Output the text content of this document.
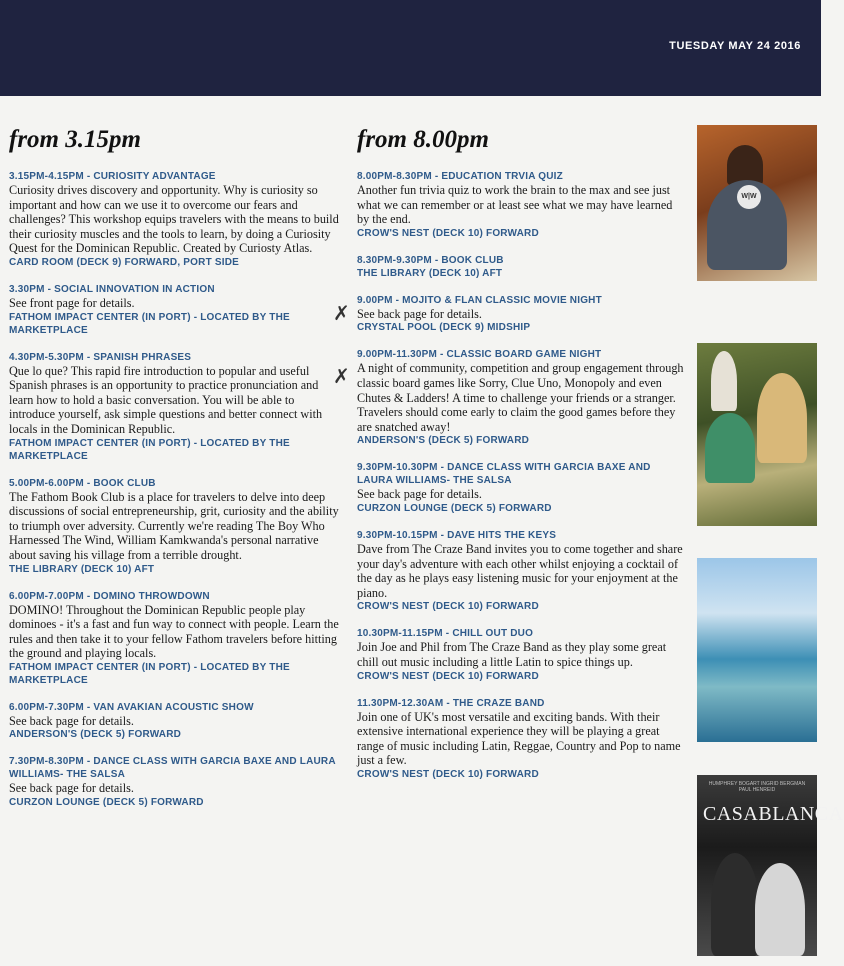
TUESDAY MAY 24 2016
from 3.15pm
3.15PM-4.15PM - CURIOSITY ADVANTAGE
Curiosity drives discovery and opportunity. Why is curiosity so important and how can we use it to overcome our fears and challenges? This workshop equips travelers with the means to build their curiosity muscles and the tools to learn, by doing a Curiosity Quest for the Dominican Republic. Created by Curiosty Atlas.
CARD ROOM (DECK 9) FORWARD, PORT SIDE
3.30PM - SOCIAL INNOVATION IN ACTION
See front page for details.
FATHOM IMPACT CENTER (IN PORT) - LOCATED BY THE MARKETPLACE
4.30PM-5.30PM - SPANISH PHRASES
Que lo que? This rapid fire introduction to popular and useful Spanish phrases is an opportunity to practice pronunciation and learn how to hold a basic conversation. You will be able to introduce yourself, ask simple questions and better connect with locals in the Dominican Republic.
FATHOM IMPACT CENTER (IN PORT) - LOCATED BY THE MARKETPLACE
5.00PM-6.00PM - BOOK CLUB
The Fathom Book Club is a place for travelers to delve into deep discussions of social entrepreneurship, grit, curiosity and the ability to triumph over adversity. Currently we're reading The Boy Who Harnessed The Wind, William Kamkwanda's personal narrative about saving his village from a terrible drought.
THE LIBRARY (DECK 10) AFT
6.00PM-7.00PM - DOMINO THROWDOWN
DOMINO! Throughout the Dominican Republic people play dominoes - it's a fast and fun way to connect with people. Learn the rules and then take it to your fellow Fathom travelers before hitting the ground and playing locals.
FATHOM IMPACT CENTER (IN PORT) - LOCATED BY THE MARKETPLACE
6.00PM-7.30PM - VAN AVAKIAN ACOUSTIC SHOW
See back page for details.
ANDERSON'S (DECK 5) FORWARD
7.30PM-8.30PM - DANCE CLASS WITH GARCIA BAXE AND LAURA WILLIAMS- THE SALSA
See back page for details.
CURZON LOUNGE (DECK 5) FORWARD
from 8.00pm
8.00PM-8.30PM - EDUCATION TRVIA QUIZ
Another fun trivia quiz to work the brain to the max and see just what we can remember or at least see what we may have learned by the end.
CROW'S NEST (DECK 10) FORWARD
8.30PM-9.30PM - BOOK CLUB
THE LIBRARY (DECK 10) AFT
9.00PM - MOJITO & FLAN CLASSIC MOVIE NIGHT
See back page for details.
CRYSTAL POOL (DECK 9) MIDSHIP
9.00PM-11.30PM - CLASSIC BOARD GAME NIGHT
A night of community, competition and group engagement through classic board games like Sorry, Clue Uno, Monopoly and even Chutes & Ladders! A time to challenge your friends or a stranger. Travelers should come early to claim the good games before they are snatched away!
ANDERSON'S (DECK 5) FORWARD
9.30PM-10.30PM - DANCE CLASS WITH GARCIA BAXE AND LAURA WILLIAMS- THE SALSA
See back page for details.
CURZON LOUNGE (DECK 5) FORWARD
9.30PM-10.15PM - DAVE HITS THE KEYS
Dave from The Craze Band invites you to come together and share your day's adventure with each other whilst enjoying a cocktail of the day as he plays easy listening music for your enjoyment at the piano.
CROW'S NEST (DECK 10) FORWARD
10.30PM-11.15PM - CHILL OUT DUO
Join Joe and Phil from The Craze Band as they play some great chill out music including a little Latin to spice things up.
CROW'S NEST (DECK 10) FORWARD
11.30PM-12.30AM - THE CRAZE BAND
Join one of UK's most versatile and exciting bands. With their extensive international experience they will be playing a great range of music including Latin, Reggae, Country and Pop to name just a few.
CROW'S NEST (DECK 10) FORWARD
✗
✗
W|W
HUMPHREY BOGART INGRID BERGMAN PAUL HENREID
CASABLANCA
